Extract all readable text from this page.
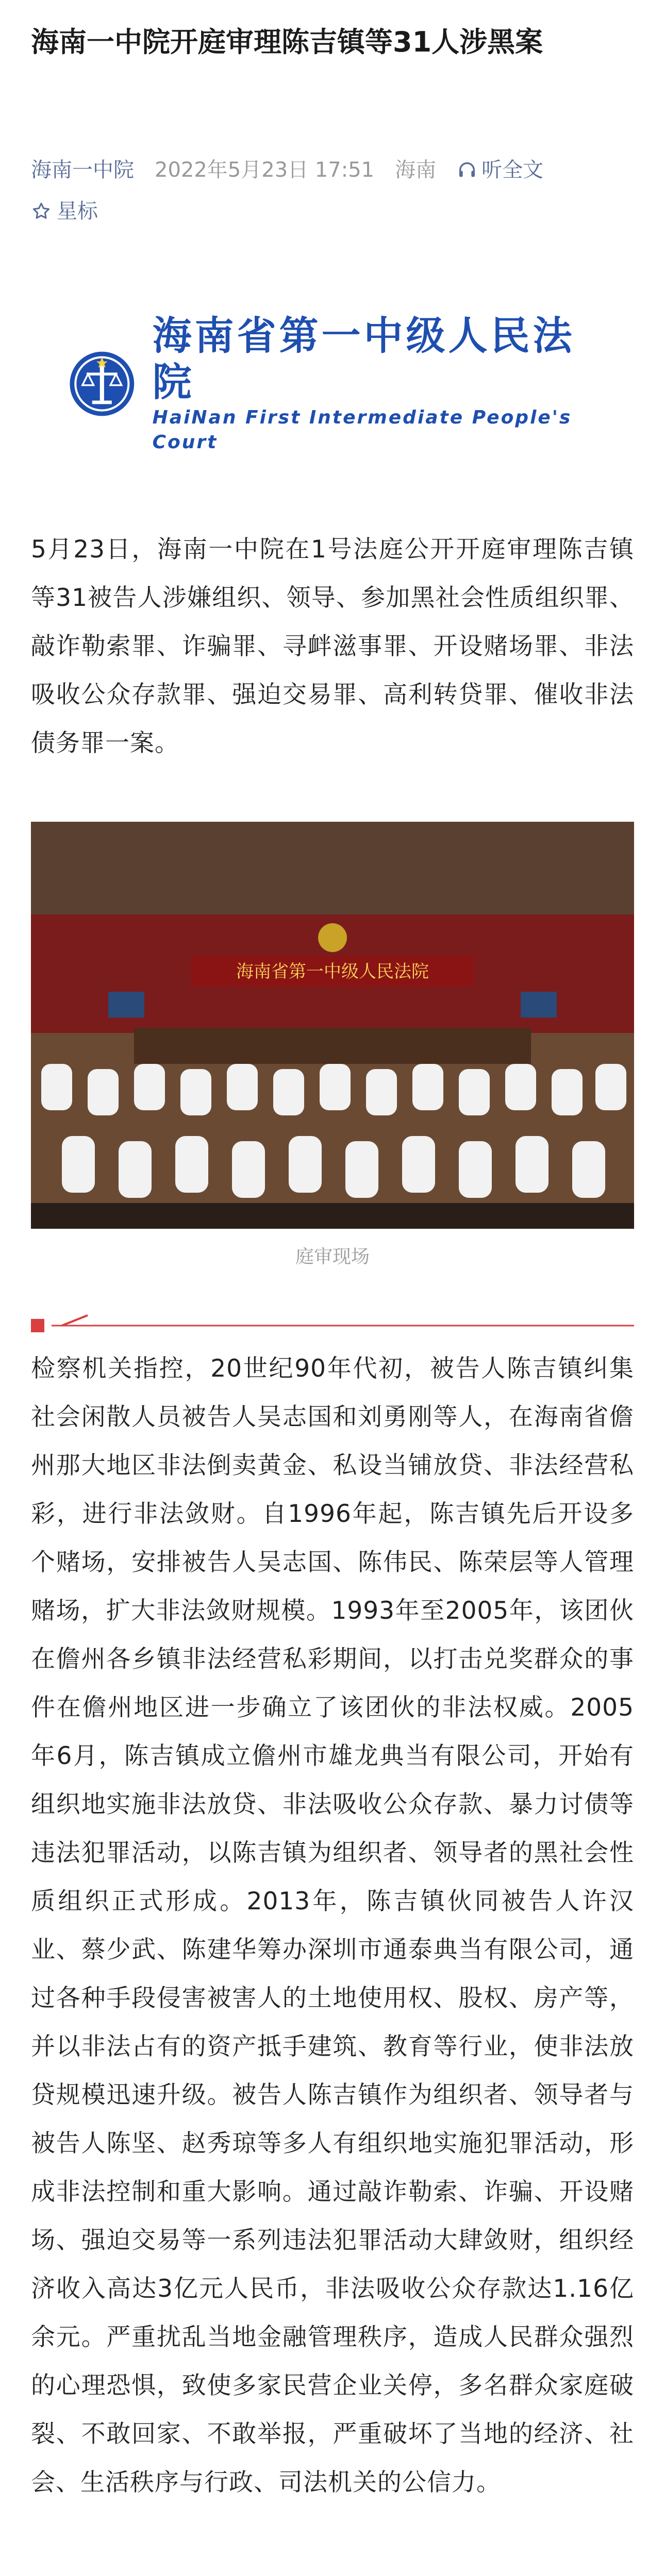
海南一中院开庭审理陈吉镇等31人涉黑案
海南一中院 2022年5月23日 17:51 海南 听全文
星标
海南省第一中级人民法院
HaiNan First Intermediate People's Court
5月23日，海南一中院在1号法庭公开开庭审理陈吉镇等31被告人涉嫌组织、领导、参加黑社会性质组织罪、敲诈勒索罪、诈骗罪、寻衅滋事罪、开设赌场罪、非法吸收公众存款罪、强迫交易罪、高利转贷罪、催收非法债务罪一案。
海南省第一中级人民法院
庭审现场
检察机关指控，20世纪90年代初，被告人陈吉镇纠集社会闲散人员被告人吴志国和刘勇刚等人，在海南省儋州那大地区非法倒卖黄金、私设当铺放贷、非法经营私彩，进行非法敛财。自1996年起，陈吉镇先后开设多个赌场，安排被告人吴志国、陈伟民、陈荣层等人管理赌场，扩大非法敛财规模。1993年至2005年，该团伙在儋州各乡镇非法经营私彩期间，以打击兑奖群众的事件在儋州地区进一步确立了该团伙的非法权威。2005年6月，陈吉镇成立儋州市雄龙典当有限公司，开始有组织地实施非法放贷、非法吸收公众存款、暴力讨债等违法犯罪活动，以陈吉镇为组织者、领导者的黑社会性质组织正式形成。2013年，陈吉镇伙同被告人许汉业、蔡少武、陈建华筹办深圳市通泰典当有限公司，通过各种手段侵害被害人的土地使用权、股权、房产等，并以非法占有的资产抵手建筑、教育等行业，使非法放贷规模迅速升级。被告人陈吉镇作为组织者、领导者与被告人陈坚、赵秀琼等多人有组织地实施犯罪活动，形成非法控制和重大影响。通过敲诈勒索、诈骗、开设赌场、强迫交易等一系列违法犯罪活动大肆敛财，组织经济收入高达3亿元人民币，非法吸收公众存款达1.16亿余元。严重扰乱当地金融管理秩序，造成人民群众强烈的心理恐惧，致使多家民营企业关停，多名群众家庭破裂、不敢回家、不敢举报，严重破坏了当地的经济、社会、生活秩序与行政、司法机关的公信力。
